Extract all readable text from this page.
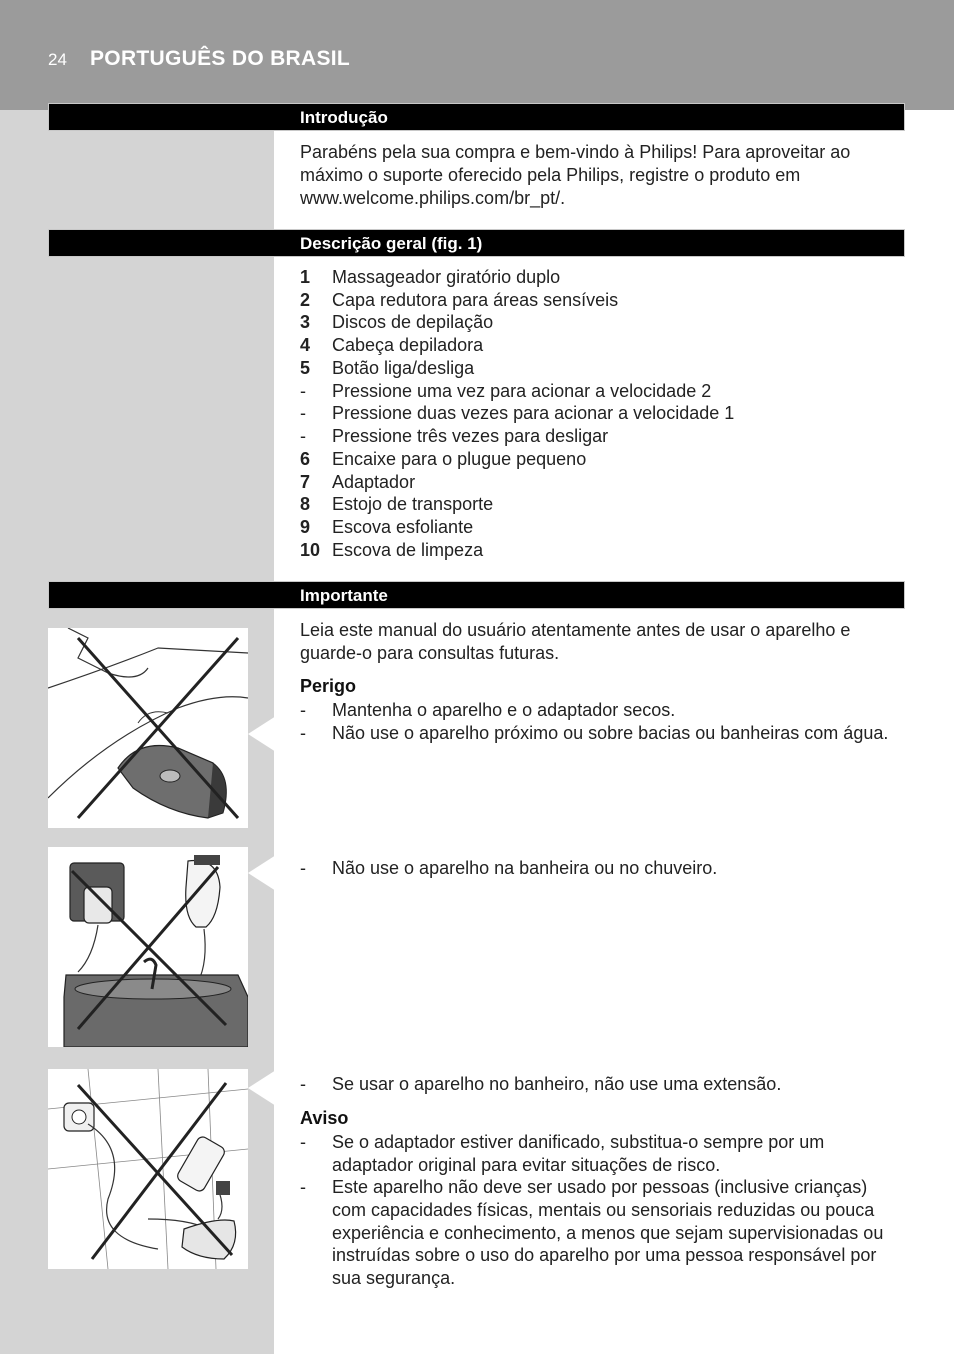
24 PORTUGUÊS DO BRASIL
Introdução

Parabéns pela sua compra e bem-vindo à Philips! Para aproveitar ao máximo o suporte oferecido pela Philips, registre o produto em www.welcome.philips.com/br_pt/.

Descrição geral (fig. 1)
1 Massageador giratório duplo
2 Capa redutora para áreas sensíveis
3 Discos de depilação
4 Cabeça depiladora
5 Botão liga/desliga
- Pressione uma vez para acionar a velocidade 2
- Pressione duas vezes para acionar a velocidade 1
- Pressione três vezes para desligar
6 Encaixe para o plugue pequeno
7 Adaptador
8 Estojo de transporte
9 Escova esfoliante
10 Escova de limpeza
Importante

Leia este manual do usuário atentamente antes de usar o aparelho e guarde-o para consultas futuras.

Perigo
- Mantenha o aparelho e o adaptador secos.
- Não use o aparelho próximo ou sobre bacias ou banheiras com água.
- Não use o aparelho na banheira ou no chuveiro.
- Se usar o aparelho no banheiro, não use uma extensão.
Aviso
- Se o adaptador estiver danificado, substitua-o sempre por um adaptador original para evitar situações de risco.
- Este aparelho não deve ser usado por pessoas (inclusive crianças) com capacidades físicas, mentais ou sensoriais reduzidas ou pouca experiência e conhecimento, a menos que sejam supervisionadas ou instruídas sobre o uso do aparelho por uma pessoa responsável por sua segurança.
